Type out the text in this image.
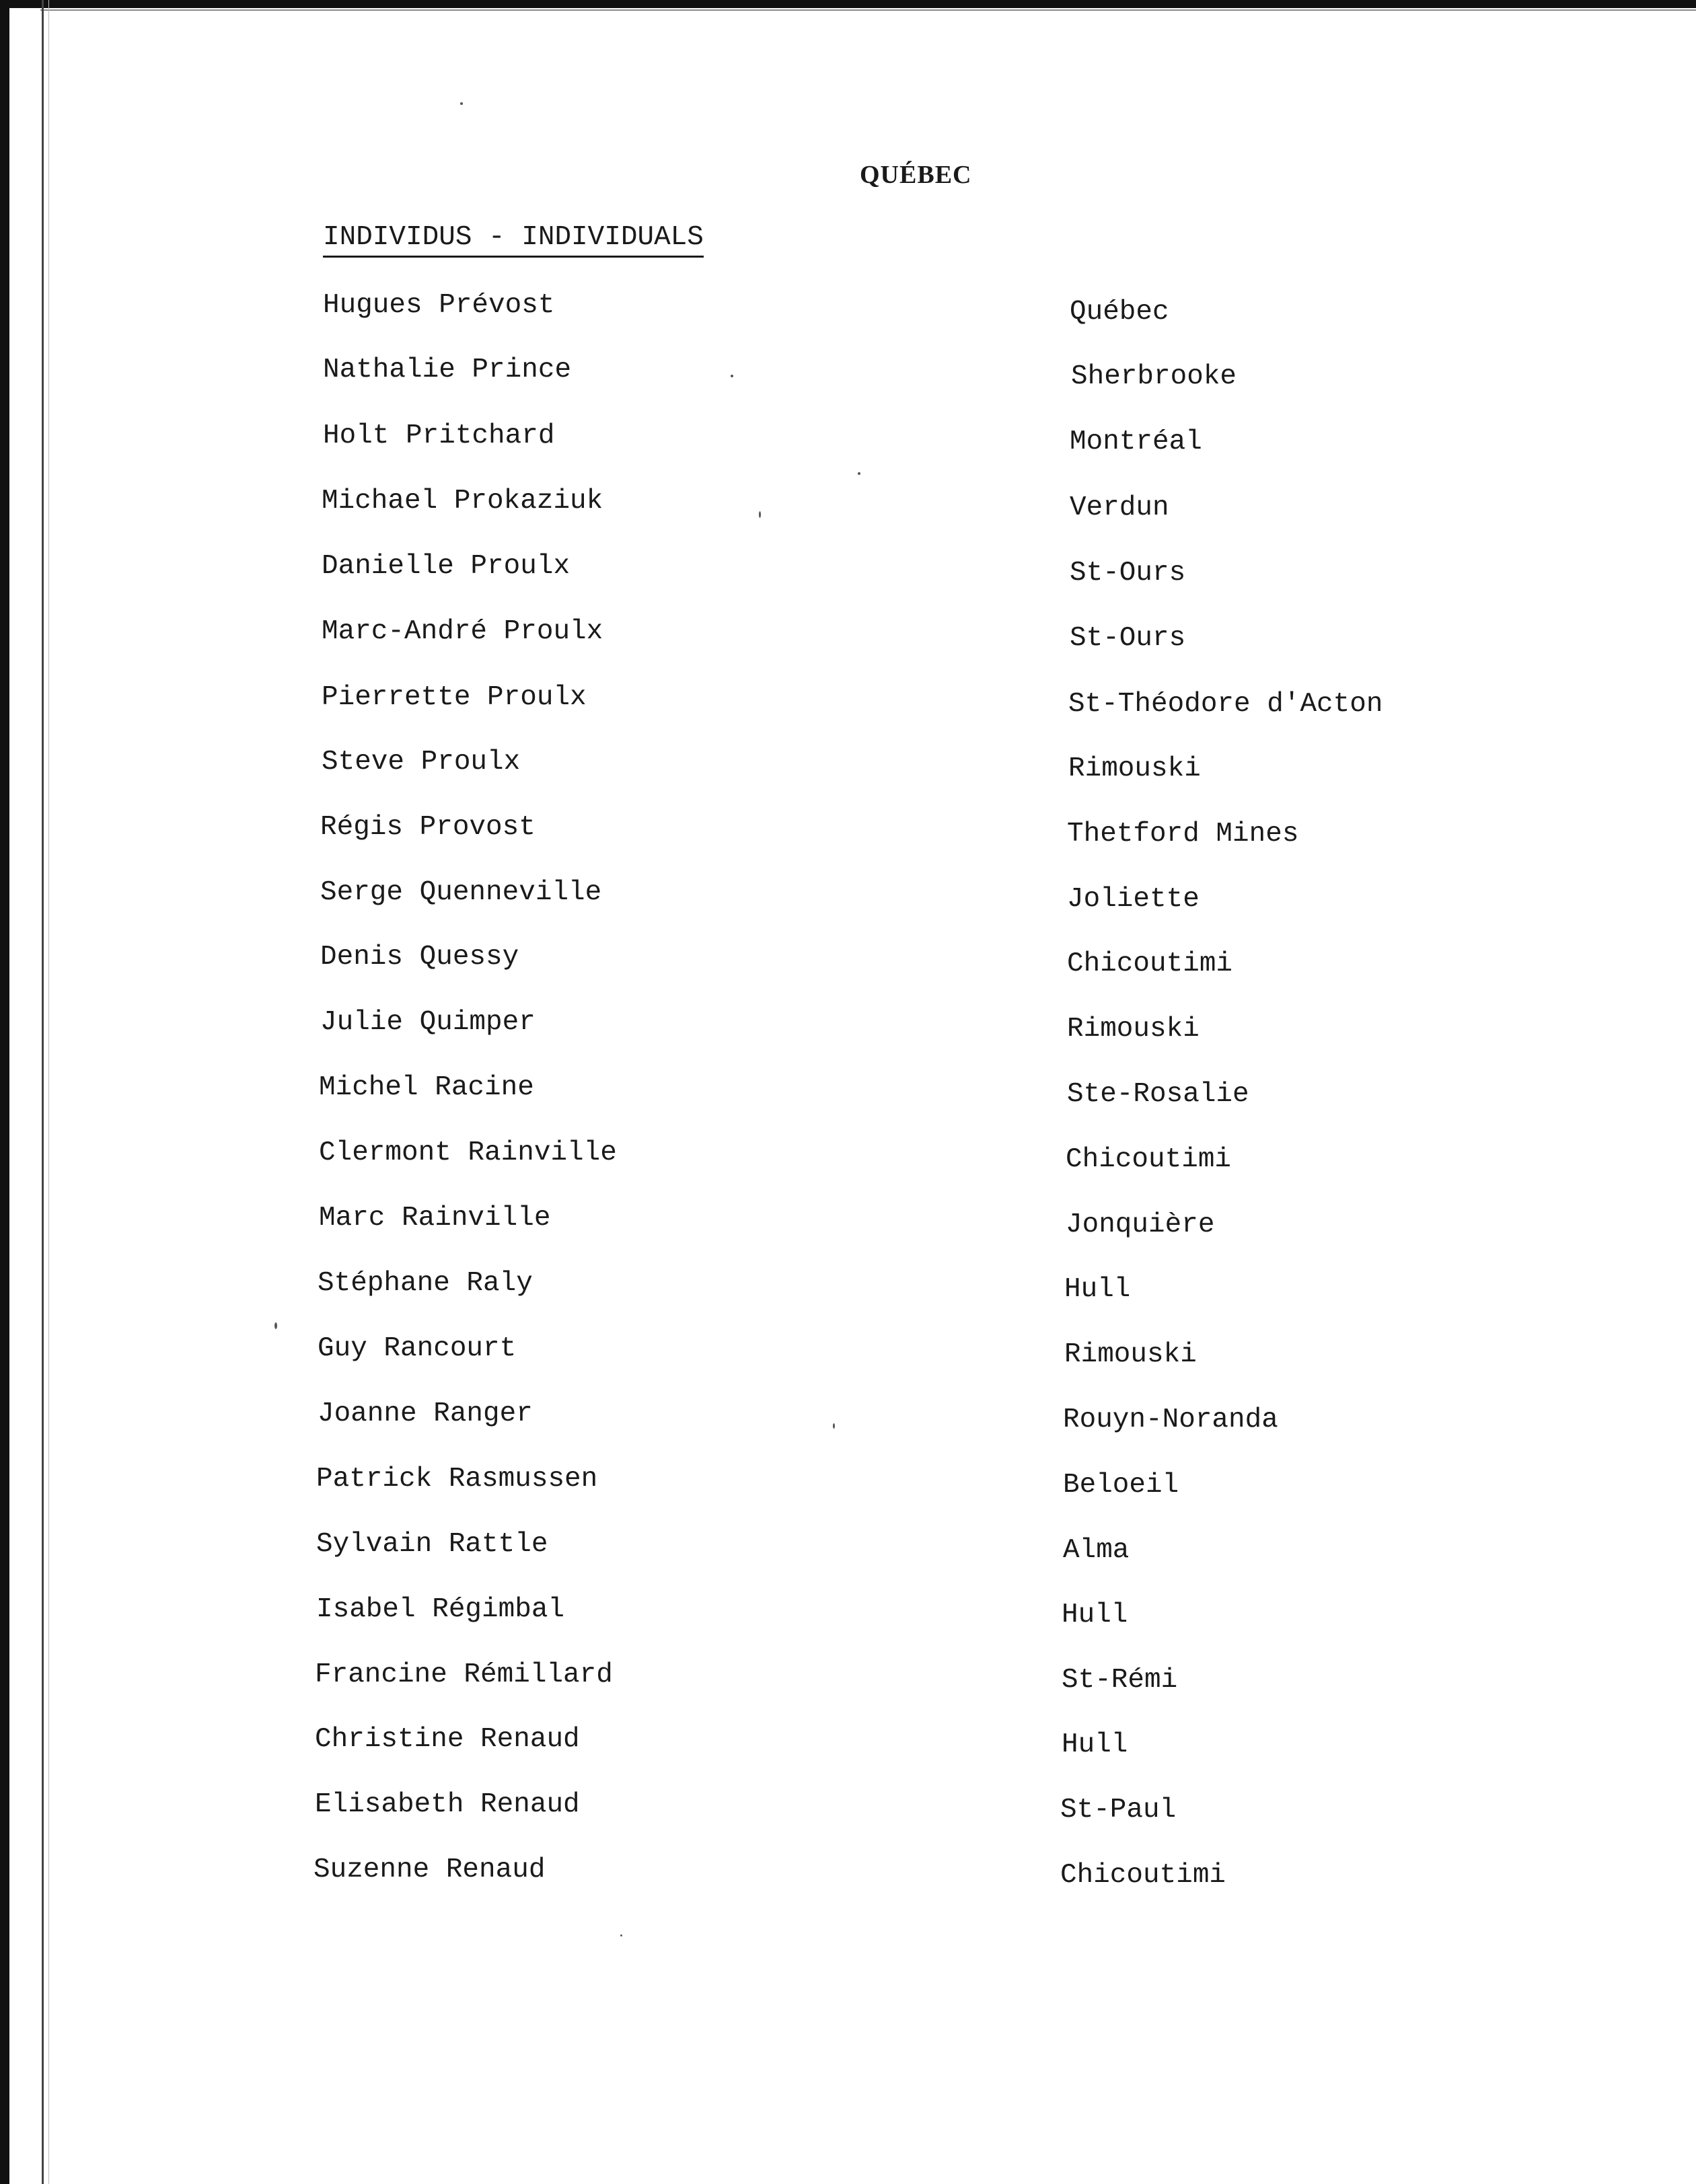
QUÉBEC
INDIVIDUS - INDIVIDUALS
Hugues Prévost	Québec
Nathalie Prince	Sherbrooke
Holt Pritchard	Montréal
Michael Prokaziuk	Verdun
Danielle Proulx	St-Ours
Marc-André Proulx	St-Ours
Pierrette Proulx	St-Théodore d'Acton
Steve Proulx	Rimouski
Régis Provost	Thetford Mines
Serge Quenneville	Joliette
Denis Quessy	Chicoutimi
Julie Quimper	Rimouski
Michel Racine	Ste-Rosalie
Clermont Rainville	Chicoutimi
Marc Rainville	Jonquière
Stéphane Raly	Hull
Guy Rancourt	Rimouski
Joanne Ranger	Rouyn-Noranda
Patrick Rasmussen	Beloeil
Sylvain Rattle	Alma
Isabel Régimbal	Hull
Francine Rémillard	St-Rémi
Christine Renaud	Hull
Elisabeth Renaud	St-Paul
Suzenne Renaud	Chicoutimi
